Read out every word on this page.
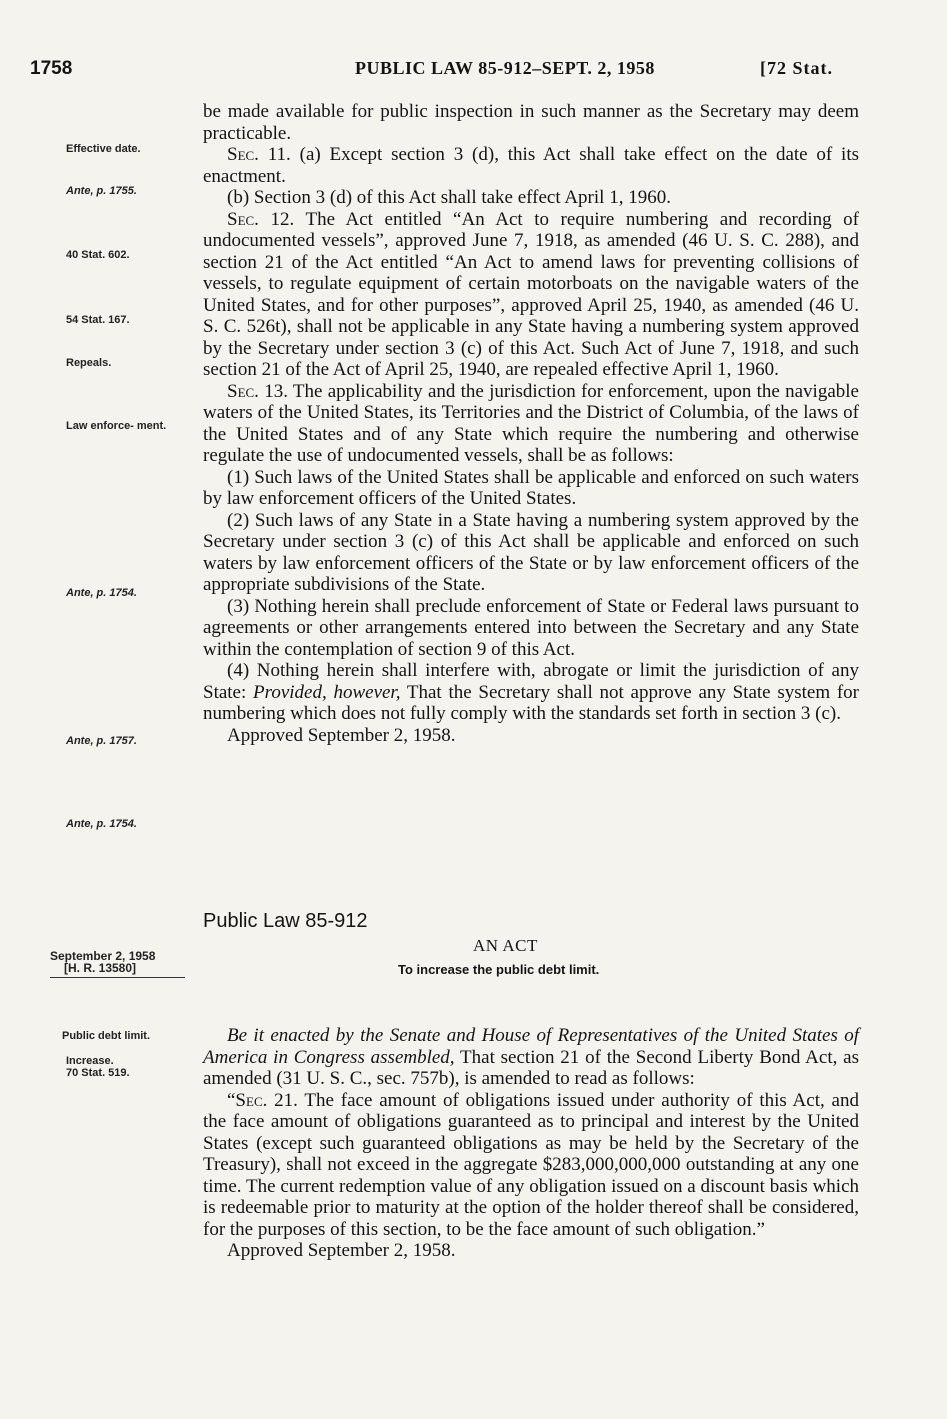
1758	PUBLIC LAW 85-912–SEPT. 2, 1958	[72 Stat.
Effective date.
Ante, p. 1755.
40 Stat. 602.
54 Stat. 167.
Repeals.
Law enforce- ment.
Ante, p. 1754.
Ante, p. 1757.
Ante, p. 1754.
September 2, 1958
[H. R. 13580]
Public debt limit.
Increase.
70 Stat. 519.

be made available for public inspection in such manner as the Secretary may deem practicable.

Sec. 11. (a) Except section 3 (d), this Act shall take effect on the date of its enactment.

(b) Section 3 (d) of this Act shall take effect April 1, 1960.

Sec. 12. The Act entitled “An Act to require numbering and recording of undocumented vessels”, approved June 7, 1918, as amended (46 U. S. C. 288), and section 21 of the Act entitled “An Act to amend laws for preventing collisions of vessels, to regulate equipment of certain motorboats on the navigable waters of the United States, and for other purposes”, approved April 25, 1940, as amended (46 U. S. C. 526t), shall not be applicable in any State having a numbering system approved by the Secretary under section 3 (c) of this Act. Such Act of June 7, 1918, and such section 21 of the Act of April 25, 1940, are repealed effective April 1, 1960.

Sec. 13. The applicability and the jurisdiction for enforcement, upon the navigable waters of the United States, its Territories and the District of Columbia, of the laws of the United States and of any State which require the numbering and otherwise regulate the use of undocumented vessels, shall be as follows:

(1) Such laws of the United States shall be applicable and enforced on such waters by law enforcement officers of the United States.

(2) Such laws of any State in a State having a numbering system approved by the Secretary under section 3 (c) of this Act shall be applicable and enforced on such waters by law enforcement officers of the State or by law enforcement officers of the appropriate subdivisions of the State.

(3) Nothing herein shall preclude enforcement of State or Federal laws pursuant to agreements or other arrangements entered into between the Secretary and any State within the contemplation of section 9 of this Act.

(4) Nothing herein shall interfere with, abrogate or limit the jurisdiction of any State: Provided, however, That the Secretary shall not approve any State system for numbering which does not fully comply with the standards set forth in section 3 (c).

Approved September 2, 1958.

Public Law 85-912
AN ACT
To increase the public debt limit.

Be it enacted by the Senate and House of Representatives of the United States of America in Congress assembled, That section 21 of the Second Liberty Bond Act, as amended (31 U. S. C., sec. 757b), is amended to read as follows:

“Sec. 21. The face amount of obligations issued under authority of this Act, and the face amount of obligations guaranteed as to principal and interest by the United States (except such guaranteed obligations as may be held by the Secretary of the Treasury), shall not exceed in the aggregate $283,000,000,000 outstanding at any one time. The current redemption value of any obligation issued on a discount basis which is redeemable prior to maturity at the option of the holder thereof shall be considered, for the purposes of this section, to be the face amount of such obligation.”

Approved September 2, 1958.
